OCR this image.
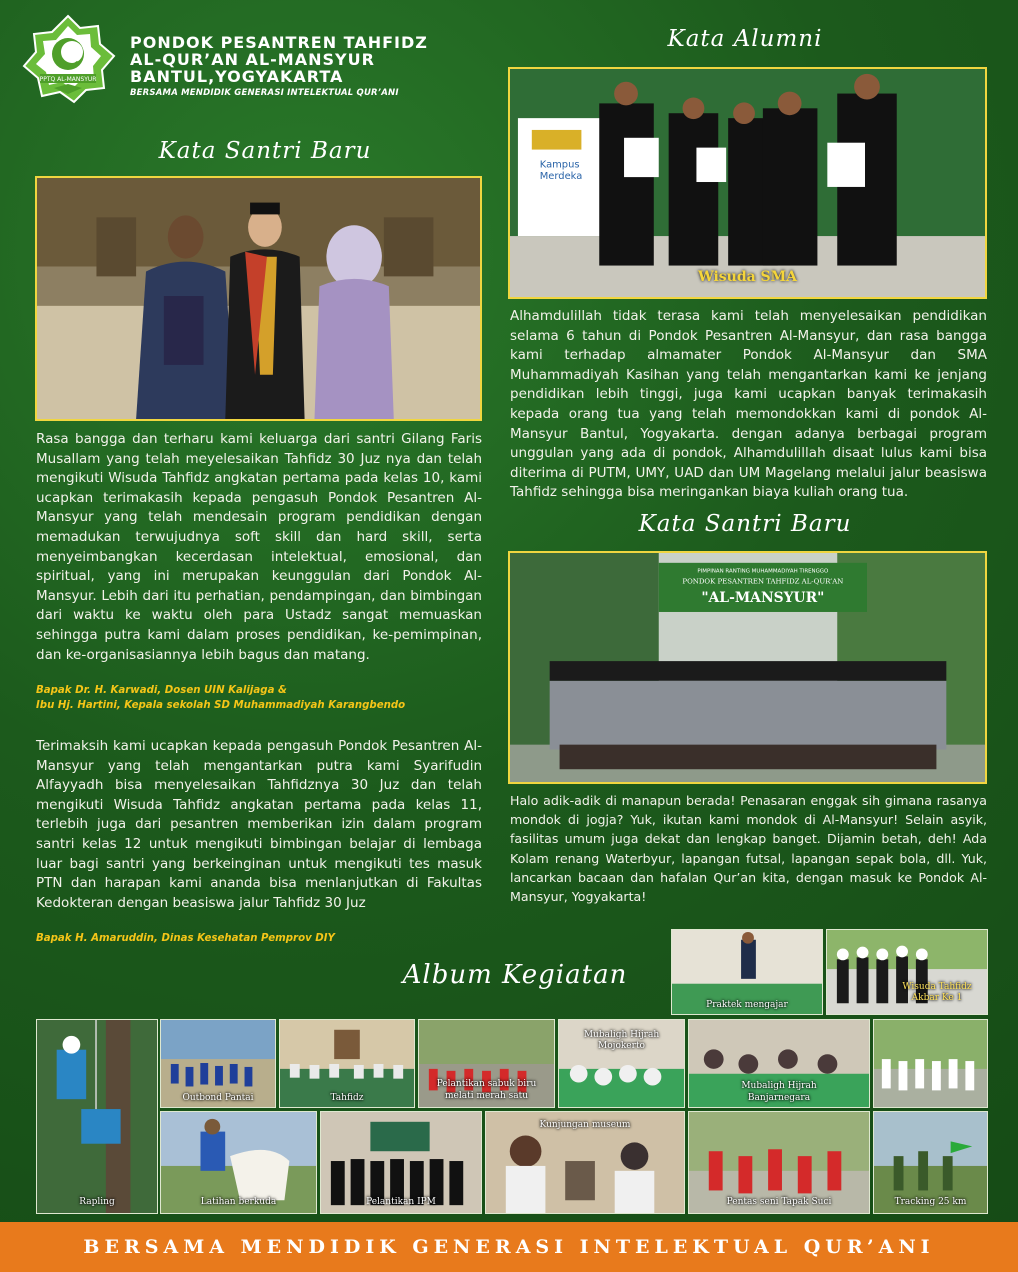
PPTQ AL-MANSYUR
PONDOK PESANTREN TAHFIDZ
AL-QUR’AN AL-MANSYUR
BANTUL,YOGYAKARTA
BERSAMA MENDIDIK GENERASI INTELEKTUAL QUR’ANI
Kata Santri Baru
Rasa bangga dan terharu kami keluarga dari santri Gilang Faris Musallam yang telah meyelesaikan Tahfidz 30 Juz nya dan telah mengikuti Wisuda Tahfidz angkatan pertama pada kelas 10, kami ucapkan terimakasih kepada pengasuh Pondok Pesantren Al-Mansyur yang telah mendesain program pendidikan dengan memadukan terwujudnya soft skill dan hard skill, serta menyeimbangkan kecerdasan intelektual, emosional, dan spiritual, yang ini merupakan keunggulan dari Pondok Al-Mansyur. Lebih dari itu perhatian, pendampingan, dan bimbingan dari waktu ke waktu oleh para Ustadz sangat memuaskan sehingga putra kami dalam proses pendidikan, ke-pemimpinan, dan ke-organisasiannya lebih bagus dan matang.
Bapak Dr. H. Karwadi, Dosen UIN Kalijaga &
Ibu Hj. Hartini, Kepala sekolah SD Muhammadiyah Karangbendo
Terimaksih kami ucapkan kepada pengasuh Pondok Pesantren Al-Mansyur yang telah mengantarkan putra kami Syarifudin Alfayyadh bisa menyelesaikan Tahfidznya 30 Juz dan telah mengikuti Wisuda Tahfidz angkatan pertama pada kelas 11, terlebih juga dari pesantren memberikan izin dalam program santri kelas 12 untuk mengikuti bimbingan belajar di lembaga luar bagi santri yang berkeinginan untuk mengikuti tes masuk PTN dan harapan kami ananda bisa menlanjutkan di Fakultas Kedokteran dengan beasiswa jalur Tahfidz 30 Juz
Bapak H. Amaruddin, Dinas Kesehatan Pemprov DIY
Kata Alumni
Kampus
Merdeka
Wisuda SMA
Alhamdulillah tidak terasa kami telah menyelesaikan pendidikan selama 6 tahun di Pondok Pesantren Al-Mansyur, dan rasa bangga kami terhadap almamater Pondok Al-Mansyur dan SMA Muhammadiyah Kasihan yang telah mengantarkan kami ke jenjang pendidikan lebih tinggi, juga kami ucapkan banyak terimakasih kepada orang tua yang telah memondokkan kami di pondok Al-Mansyur Bantul, Yogyakarta. dengan adanya berbagai program unggulan yang ada di pondok, Alhamdulillah disaat lulus kami bisa diterima di PUTM, UMY, UAD dan UM Magelang melalui jalur beasiswa Tahfidz sehingga bisa meringankan biaya kuliah orang tua.
Kata Santri Baru
PIMPINAN RANTING MUHAMMADIYAH TIRENGGO
PONDOK PESANTREN TAHFIDZ AL-QUR’AN
"AL-MANSYUR"
Halo adik-adik di manapun berada! Penasaran enggak sih gimana rasanya mondok di jogja? Yuk, ikutan kami mondok di Al-Mansyur! Selain asyik, fasilitas umum juga dekat dan lengkap banget. Dijamin betah, deh! Ada Kolam renang Waterbyur, lapangan futsal, lapangan sepak bola, dll. Yuk, lancarkan bacaan dan hafalan Qur’an kita, dengan masuk ke Pondok Al-Mansyur, Yogyakarta!
Album Kegiatan
Praktek mengajar
Wisuda Tahfidz
Akbar Ke 1
Rapling
Outbond Pantai	Tahfidz
Pelantikan sabuk biru
melati merah satu
Mubaligh Hijrah
Mojokerto
Mubaligh Hijrah
Banjarnegara
Latihan berkuda	Pelantikan IPM
Kunjungan museum
Pentas seni Tapak Suci	Tracking 25 km
BERSAMA MENDIDIK GENERASI INTELEKTUAL QUR’ANI
